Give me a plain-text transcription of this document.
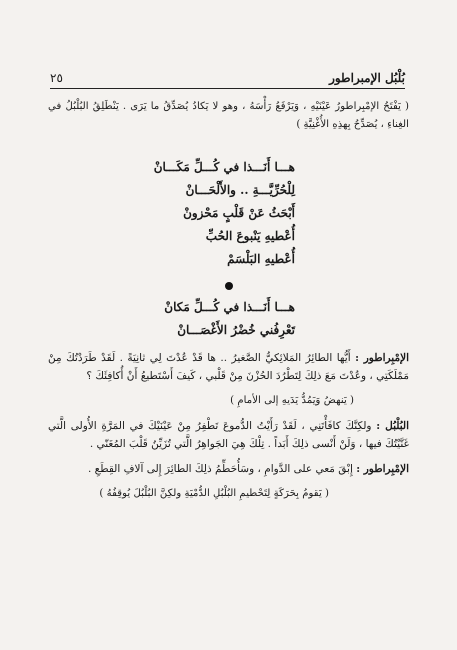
بُلْبُل الإمبراطور
٢٥

( يَفْتَحُ الإمْبِراطورُ عَيْنَيْهِ ، وَيَرْفَعُ رَأْسَهُ ، وهو لا يَكادُ يُصَدِّقُ ما يَرَى . يَنْطَلِقُ البُلْبُلُ في الغِناءِ ، يُصَدِّحُ بِهذِهِ الأُغْنِيَّةِ )

هـــا أَنَـــذا في كُـــلِّ مَكَـــانْ

لِلْحُرِّيَّـــةِ .. والأَلْحَـــانْ

أَبْحَثُ عَنْ قَلْبٍ مَحْزونْ

أُعْطيهِ يَنْبوعَ الحُبِّ

أُعْطيهِ البَلْسَمْ

هـــا أَنَـــذا في كُـــلِّ مَكانْ

تَعْرِفُني خُضْرُ الأَغْصَـــانْ

الإمْبِراطور : أَيُّها الطائِرُ المَلائِكيُّ الصَّغيرُ .. ها قَدْ عُدْتَ لِي ثانِيَةً . لَقَدْ طَرَدْتُكَ مِنْ مَمْلَكَتِي ، وعُدْتَ مَعَ ذلِكَ لِتَطْرُدَ الحُزْنَ مِنْ قَلْبي ، كَيفَ أَسْتَطيعُ أَنْ أُكافِئَكَ ؟

( يَنهضُ وَيَمُدُّ يَدَيهِ إلى الأمامِ )

البُلْبُل : ولكِنَّكَ كافَأْتَنِي ، لَقَدْ رَأَيْتُ الدُّموعَ تَطْفِرُ مِنْ عَيْنَيْكَ في المَرَّةِ الأُولى الَّتي غَنَّيْتُكَ فيها ، وَلَنْ أَنْسى ذلِكَ أَبَداً . تِلْكَ هِيَ الجَواهِرُ الَّتي تُزَيِّنُ قَلْبَ المُغَنّي .

الإمْبِراطور : إِبْقَ مَعي على الدَّوامِ ، وسَأُحَطِّمُ ذلِكَ الطائِرَ إِلى آلافِ القِطَعِ .

( يَقومُ بِحَرَكَةٍ لِتَحْطيمِ البُلْبُلِ الدُّمْيَةِ ولكِنَّ البُلْبُلَ يُوقِفُهُ )
